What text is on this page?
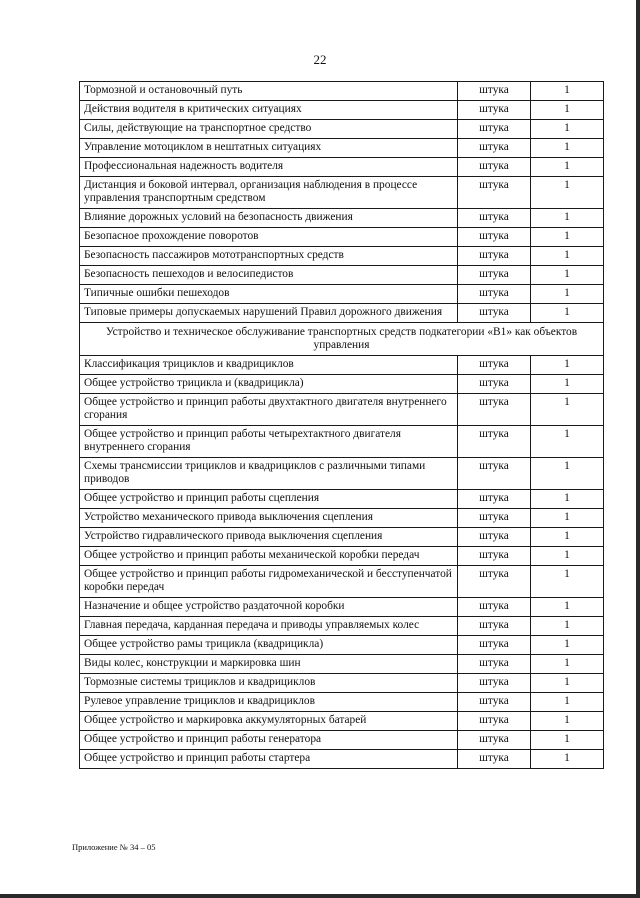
22
Тормозной и остановочный путь	штука	1
Действия водителя в критических ситуациях	штука	1
Силы, действующие на транспортное средство	штука	1
Управление мотоциклом в нештатных ситуациях	штука	1
Профессиональная надежность водителя	штука	1
Дистанция и боковой интервал, организация наблюдения в процессе управления транспортным средством	штука	1
Влияние дорожных условий на безопасность движения	штука	1
Безопасное прохождение поворотов	штука	1
Безопасность пассажиров мототранспортных средств	штука	1
Безопасность пешеходов и велосипедистов	штука	1
Типичные ошибки пешеходов	штука	1
Типовые примеры допускаемых нарушений Правил дорожного движения	штука	1
Устройство и техническое обслуживание транспортных средств подкатегории «В1» как объектов управления		
Классификация трициклов и квадрициклов	штука	1
Общее устройство трицикла и (квадрицикла)	штука	1
Общее устройство и принцип работы двухтактного двигателя внутреннего сгорания	штука	1
Общее устройство и принцип работы четырехтактного двигателя внутреннего сгорания	штука	1
Схемы трансмиссии трициклов и квадрициклов с различными типами приводов	штука	1
Общее устройство и принцип работы сцепления	штука	1
Устройство механического привода выключения сцепления	штука	1
Устройство гидравлического привода выключения сцепления	штука	1
Общее устройство и принцип работы механической коробки передач	штука	1
Общее устройство и принцип работы гидромеханической и бесступенчатой коробки передач	штука	1
Назначение и общее устройство раздаточной коробки	штука	1
Главная передача, карданная передача и приводы управляемых колес	штука	1
Общее устройство рамы трицикла (квадрицикла)	штука	1
Виды колес, конструкции и маркировка шин	штука	1
Тормозные системы трициклов и квадрициклов	штука	1
Рулевое управление трициклов и квадрициклов	штука	1
Общее устройство и маркировка аккумуляторных батарей	штука	1
Общее устройство и принцип работы генератора	штука	1
Общее устройство и принцип работы стартера	штука	1
Приложение № 34 – 05
